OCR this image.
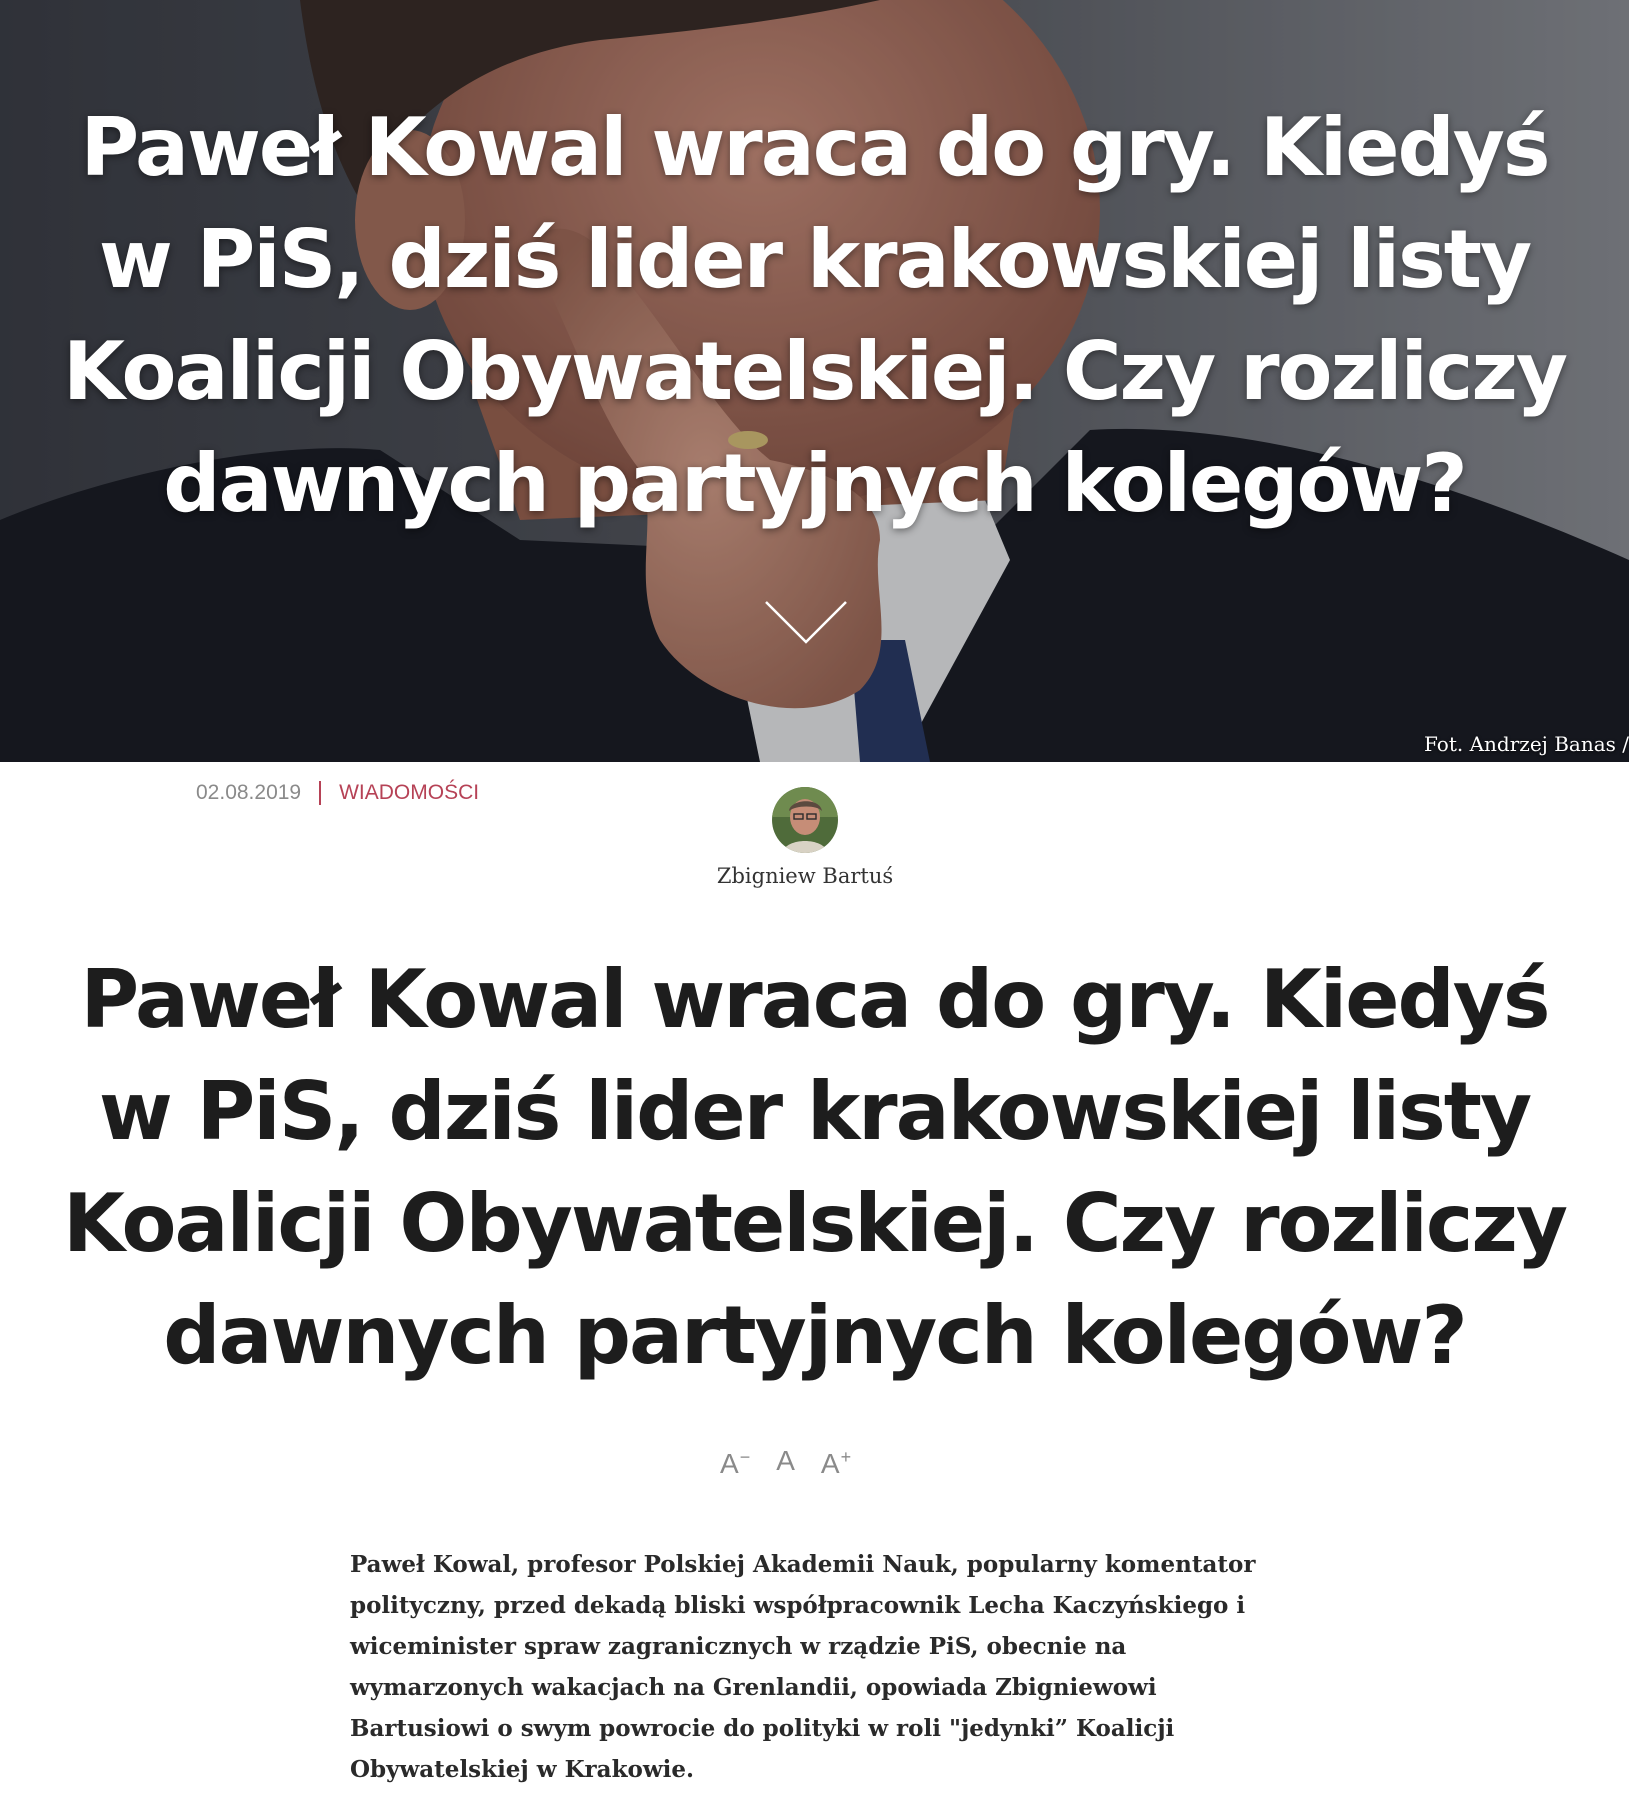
Paweł Kowal wraca do gry. Kiedyś w PiS, dziś lider krakowskiej listy Koalicji Obywatelskiej. Czy rozliczy dawnych partyjnych kolegów?
Fot. Andrzej Banas /
02.08.2019 WIADOMOŚCI
Zbigniew Bartuś
Paweł Kowal wraca do gry. Kiedyś w PiS, dziś lider krakowskiej listy Koalicji Obywatelskiej. Czy rozliczy dawnych partyjnych kolegów?
A− A A+

Paweł Kowal, profesor Polskiej Akademii Nauk, popularny komentator polityczny, przed dekadą bliski współpracownik Lecha Kaczyńskiego i wiceminister spraw zagranicznych w rządzie PiS, obecnie na wymarzonych wakacjach na Grenlandii, opowiada Zbigniewowi Bartusiowi o swym powrocie do polityki w roli "jedynki” Koalicji Obywatelskiej w Krakowie.
